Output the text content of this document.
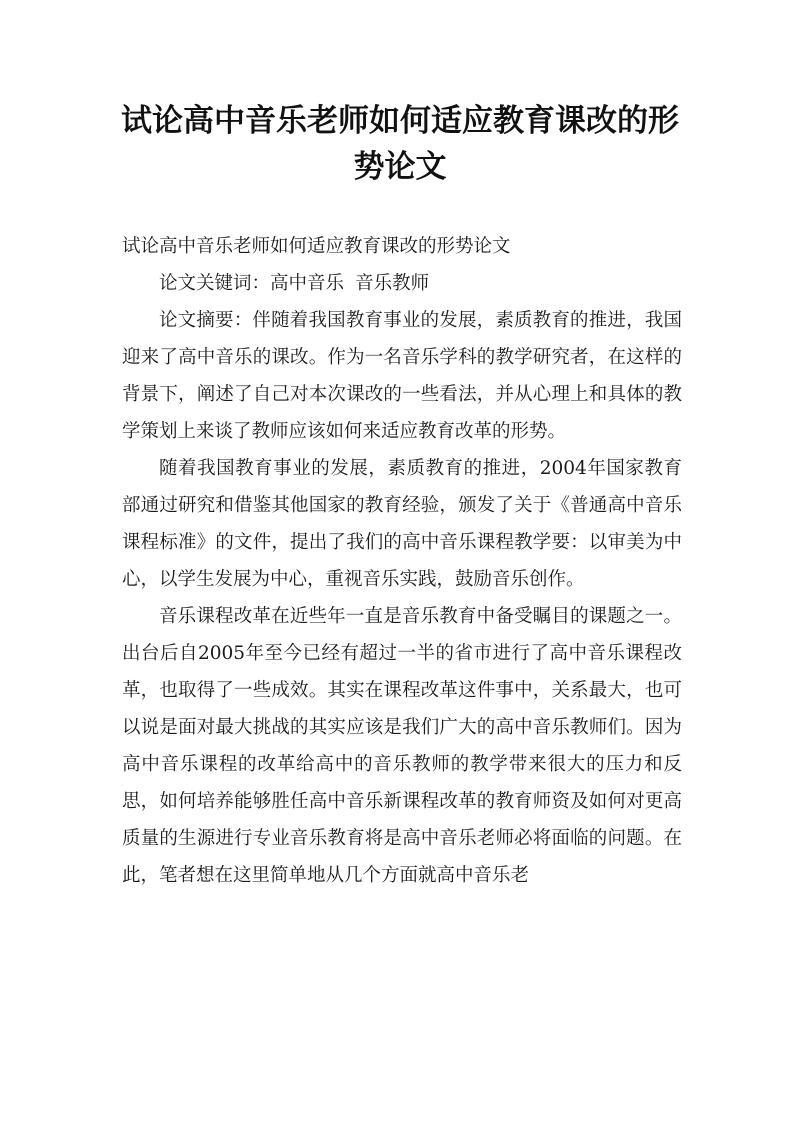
试论高中音乐老师如何适应教育课改的形势论文

试论高中音乐老师如何适应教育课改的形势论文

论文关键词：高中音乐 音乐教师

论文摘要：伴随着我国教育事业的发展，素质教育的推进，我国迎来了高中音乐的课改。作为一名音乐学科的教学研究者，在这样的背景下，阐述了自己对本次课改的一些看法，并从心理上和具体的教学策划上来谈了教师应该如何来适应教育改革的形势。

随着我国教育事业的发展，素质教育的推进，2004年国家教育部通过研究和借鉴其他国家的教育经验，颁发了关于《普通高中音乐课程标准》的文件，提出了我们的高中音乐课程教学要：以审美为中心，以学生发展为中心，重视音乐实践，鼓励音乐创作。

音乐课程改革在近些年一直是音乐教育中备受瞩目的课题之一。出台后自2005年至今已经有超过一半的省市进行了高中音乐课程改革，也取得了一些成效。其实在课程改革这件事中，关系最大，也可以说是面对最大挑战的其实应该是我们广大的高中音乐教师们。因为高中音乐课程的改革给高中的音乐教师的教学带来很大的压力和反思，如何培养能够胜任高中音乐新课程改革的教育师资及如何对更高质量的生源进行专业音乐教育将是高中音乐老师必将面临的问题。在此，笔者想在这里简单地从几个方面就高中音乐老
